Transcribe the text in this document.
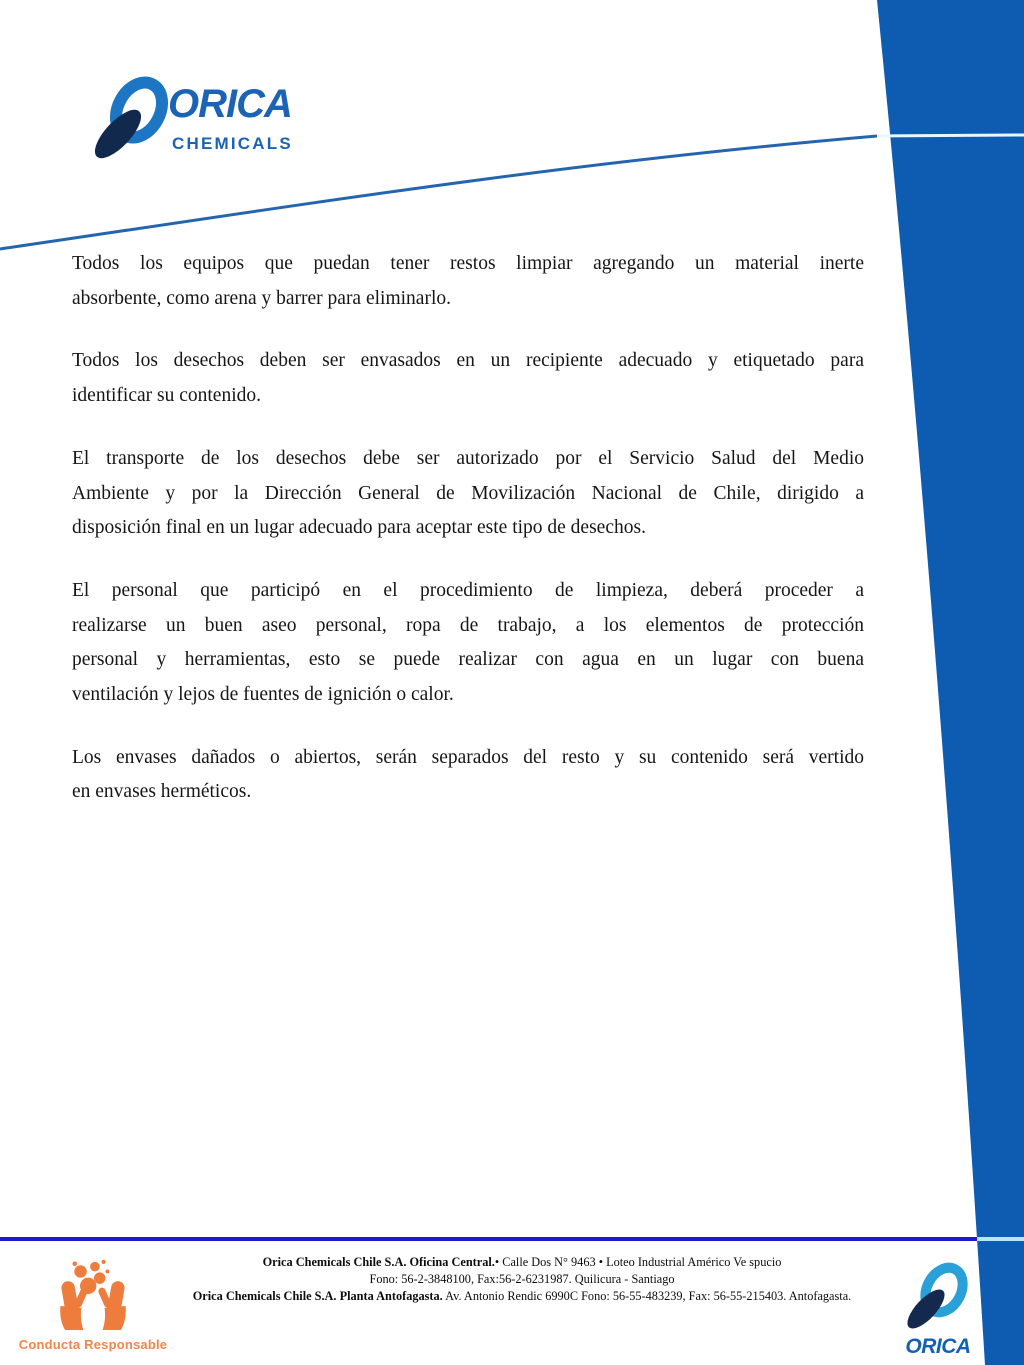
ORICA
CHEMICALS
Todos los equipos que puedan tener restos limpiar agregando un material inerte
absorbente, como arena y barrer para eliminarlo.
Todos los desechos deben ser envasados en un recipiente adecuado y etiquetado para
identificar su contenido.
El transporte de los desechos debe ser autorizado por el Servicio Salud del Medio
Ambiente y por la Dirección General de Movilización Nacional de Chile, dirigido a
disposición final en un lugar adecuado para aceptar este tipo de desechos.
El personal que participó en el procedimiento de limpieza, deberá proceder a
realizarse un buen aseo personal, ropa de trabajo, a los elementos de protección
personal y herramientas, esto se puede realizar con agua en un lugar con buena
ventilación y lejos de fuentes de ignición o calor.
Los envases dañados o abiertos, serán separados del resto y su contenido será vertido
en envases herméticos.
Conducta Responsable
Orica Chemicals Chile S.A. Oficina Central.• Calle Dos N° 9463 • Loteo Industrial Américo Ve spucio
Fono: 56-2-3848100, Fax:56-2-6231987. Quilicura - Santiago
Orica Chemicals Chile S.A. Planta Antofagasta. Av. Antonio Rendic 6990C Fono: 56-55-483239, Fax: 56-55-215403. Antofagasta.
ORICA
